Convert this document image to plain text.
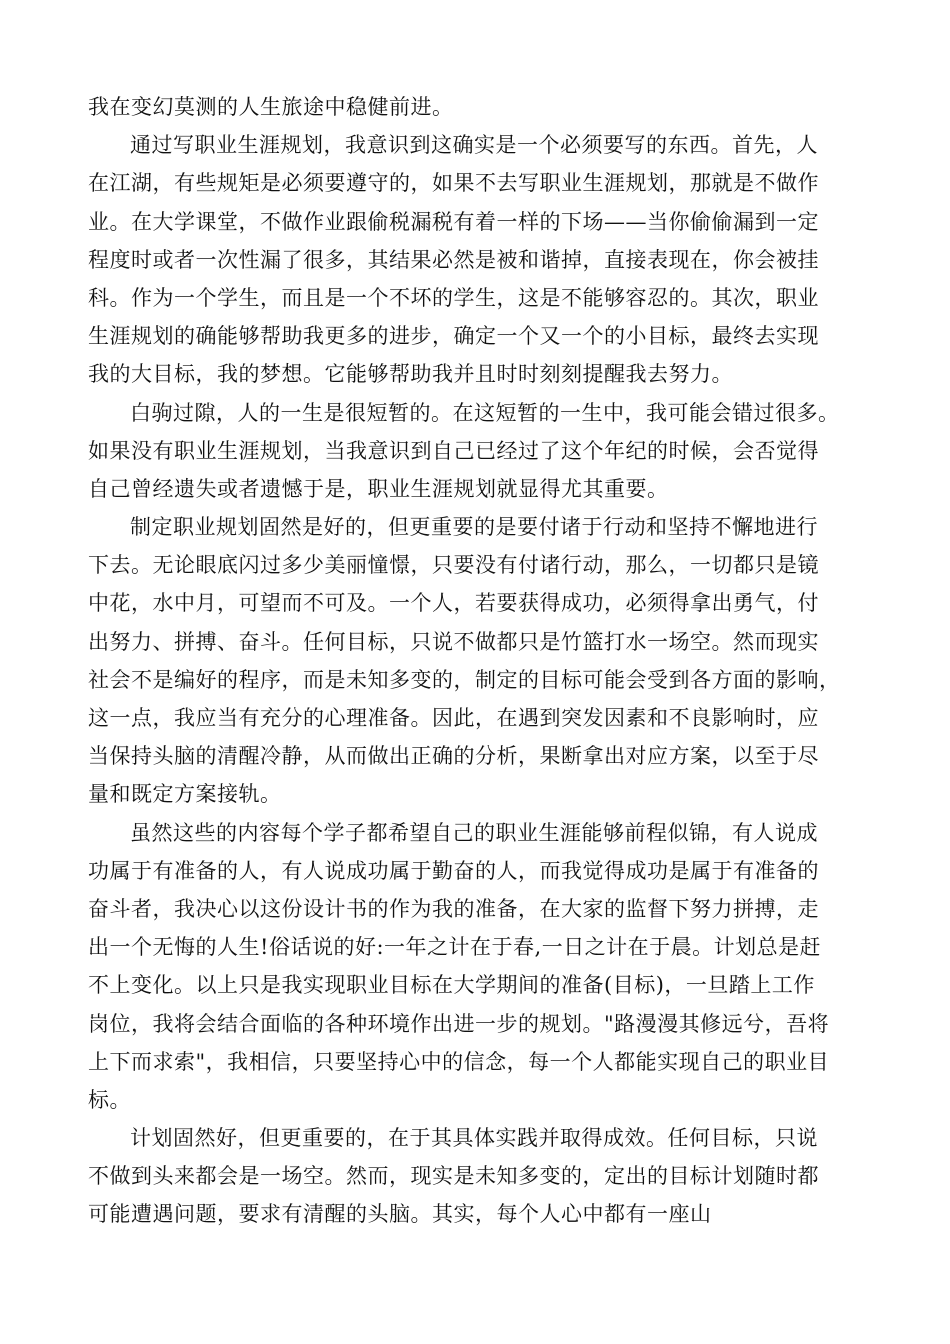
我在变幻莫测的人生旅途中稳健前进。
通过写职业生涯规划，我意识到这确实是一个必须要写的东西。首先，人
在江湖，有些规矩是必须要遵守的，如果不去写职业生涯规划，那就是不做作
业。在大学课堂，不做作业跟偷税漏税有着一样的下场——当你偷偷漏到一定
程度时或者一次性漏了很多，其结果必然是被和谐掉，直接表现在，你会被挂
科。作为一个学生，而且是一个不坏的学生，这是不能够容忍的。其次，职业
生涯规划的确能够帮助我更多的进步，确定一个又一个的小目标，最终去实现
我的大目标，我的梦想。它能够帮助我并且时时刻刻提醒我去努力。
白驹过隙，人的一生是很短暂的。在这短暂的一生中，我可能会错过很多。
如果没有职业生涯规划，当我意识到自己已经过了这个年纪的时候，会否觉得
自己曾经遗失或者遗憾于是，职业生涯规划就显得尤其重要。
制定职业规划固然是好的，但更重要的是要付诸于行动和坚持不懈地进行
下去。无论眼底闪过多少美丽憧憬，只要没有付诸行动，那么，一切都只是镜
中花，水中月，可望而不可及。一个人，若要获得成功，必须得拿出勇气，付
出努力、拼搏、奋斗。任何目标，只说不做都只是竹篮打水一场空。然而现实
社会不是编好的程序，而是未知多变的，制定的目标可能会受到各方面的影响，
这一点，我应当有充分的心理准备。因此，在遇到突发因素和不良影响时，应
当保持头脑的清醒冷静，从而做出正确的分析，果断拿出对应方案，以至于尽
量和既定方案接轨。
虽然这些的内容每个学子都希望自己的职业生涯能够前程似锦，有人说成
功属于有准备的人，有人说成功属于勤奋的人，而我觉得成功是属于有准备的
奋斗者，我决心以这份设计书的作为我的准备，在大家的监督下努力拼搏，走
出一个无悔的人生!俗话说的好:一年之计在于春,一日之计在于晨。计划总是赶
不上变化。以上只是我实现职业目标在大学期间的准备(目标)，一旦踏上工作
岗位，我将会结合面临的各种环境作出进一步的规划。"路漫漫其修远兮，吾将
上下而求索"，我相信，只要坚持心中的信念，每一个人都能实现自己的职业目
标。
计划固然好，但更重要的，在于其具体实践并取得成效。任何目标，只说
不做到头来都会是一场空。然而，现实是未知多变的，定出的目标计划随时都
可能遭遇问题，要求有清醒的头脑。其实，每个人心中都有一座山
